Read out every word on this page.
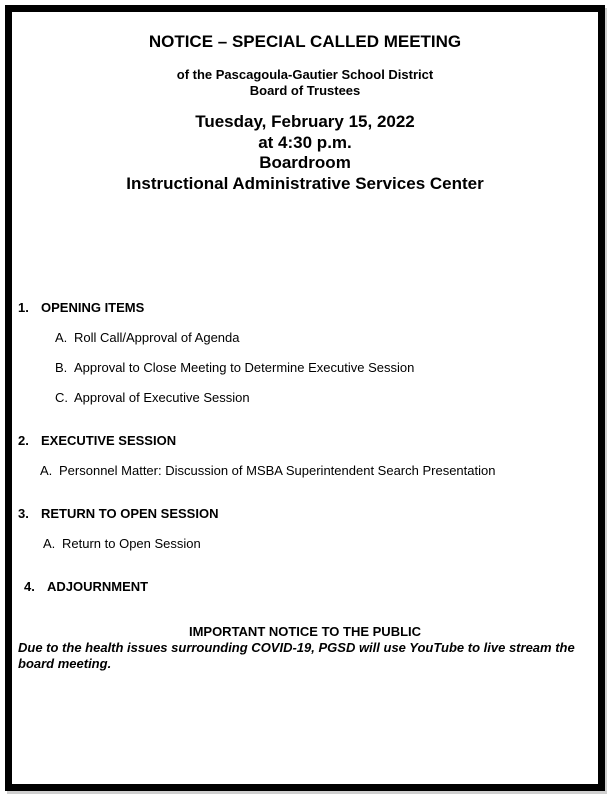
NOTICE – SPECIAL CALLED MEETING
of the Pascagoula-Gautier School District
Board of Trustees
Tuesday, February 15, 2022
at 4:30 p.m.
Boardroom
Instructional Administrative Services Center
1. OPENING ITEMS
A. Roll Call/Approval of Agenda
B. Approval to Close Meeting to Determine Executive Session
C. Approval of Executive Session
2. EXECUTIVE SESSION
A. Personnel Matter: Discussion of MSBA Superintendent Search Presentation
3. RETURN TO OPEN SESSION
A. Return to Open Session
4. ADJOURNMENT
IMPORTANT NOTICE TO THE PUBLIC
Due to the health issues surrounding COVID-19, PGSD will use YouTube to live stream the
board meeting.
